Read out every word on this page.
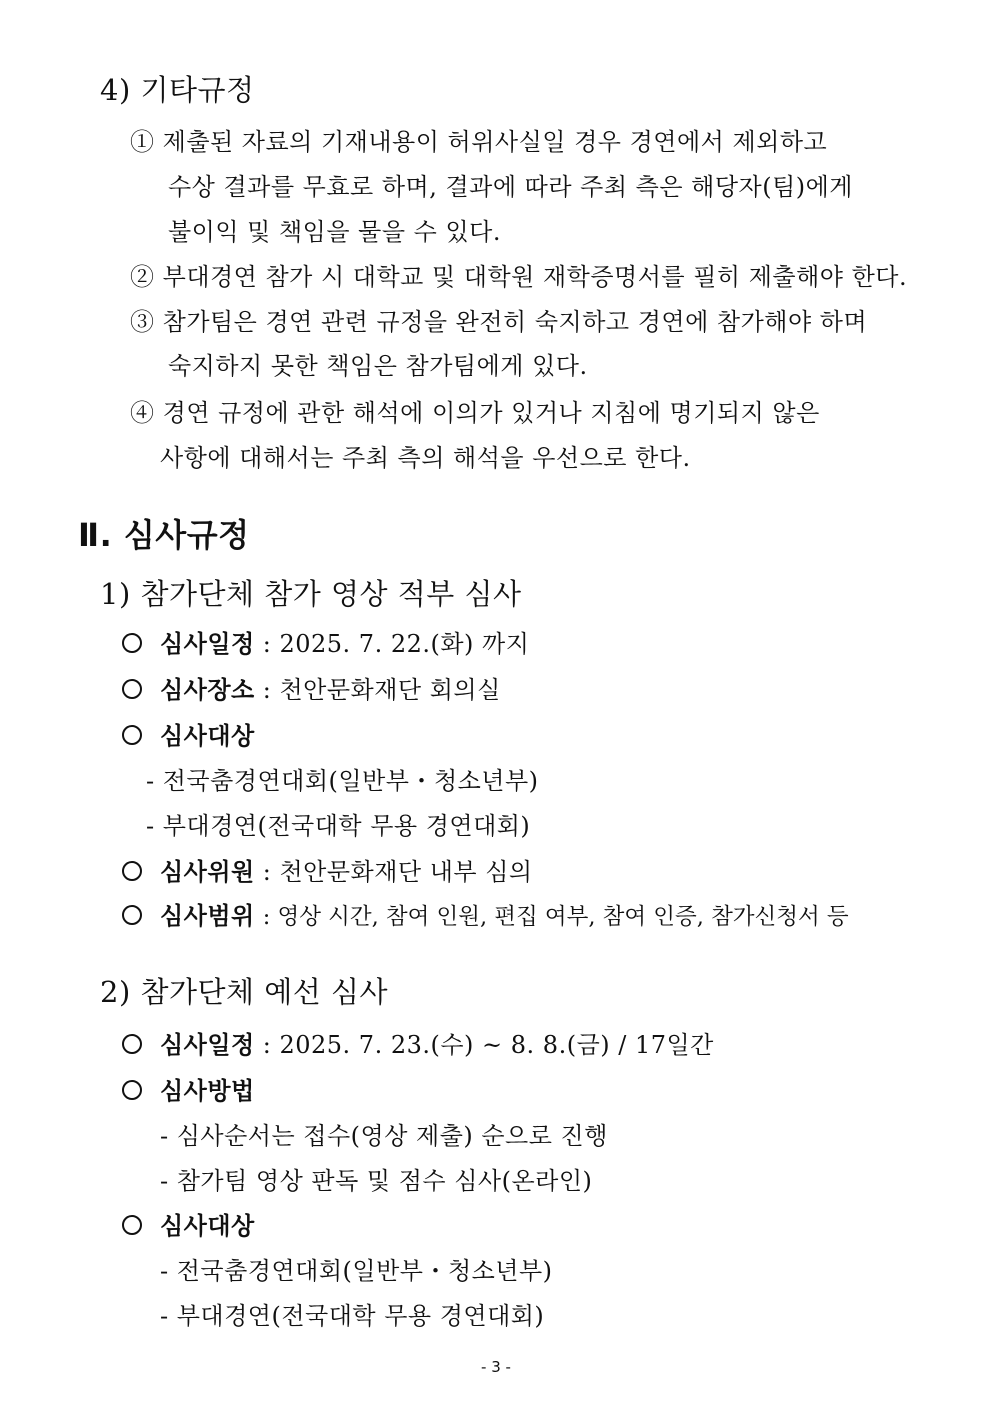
4) 기타규정
① 제출된 자료의 기재내용이 허위사실일 경우 경연에서 제외하고
수상 결과를 무효로 하며, 결과에 따라 주최 측은 해당자(팀)에게
불이익 및 책임을 물을 수 있다.
② 부대경연 참가 시 대학교 및 대학원 재학증명서를 필히 제출해야 한다.
③ 참가팀은 경연 관련 규정을 완전히 숙지하고 경연에 참가해야 하며
숙지하지 못한 책임은 참가팀에게 있다.
④ 경연 규정에 관한 해석에 이의가 있거나 지침에 명기되지 않은
사항에 대해서는 주최 측의 해석을 우선으로 한다.
Ⅱ. 심사규정
1) 참가단체 참가 영상 적부 심사
심사일정 : 2025. 7. 22.(화) 까지
심사장소 : 천안문화재단 회의실
심사대상
- 전국춤경연대회(일반부・청소년부)
- 부대경연(전국대학 무용 경연대회)
심사위원 : 천안문화재단 내부 심의
심사범위 : 영상 시간, 참여 인원, 편집 여부, 참여 인증, 참가신청서 등
2) 참가단체 예선 심사
심사일정 : 2025. 7. 23.(수) ~ 8. 8.(금) / 17일간
심사방법
- 심사순서는 접수(영상 제출) 순으로 진행
- 참가팀 영상 판독 및 점수 심사(온라인)
심사대상
- 전국춤경연대회(일반부・청소년부)
- 부대경연(전국대학 무용 경연대회)
- 3 -
